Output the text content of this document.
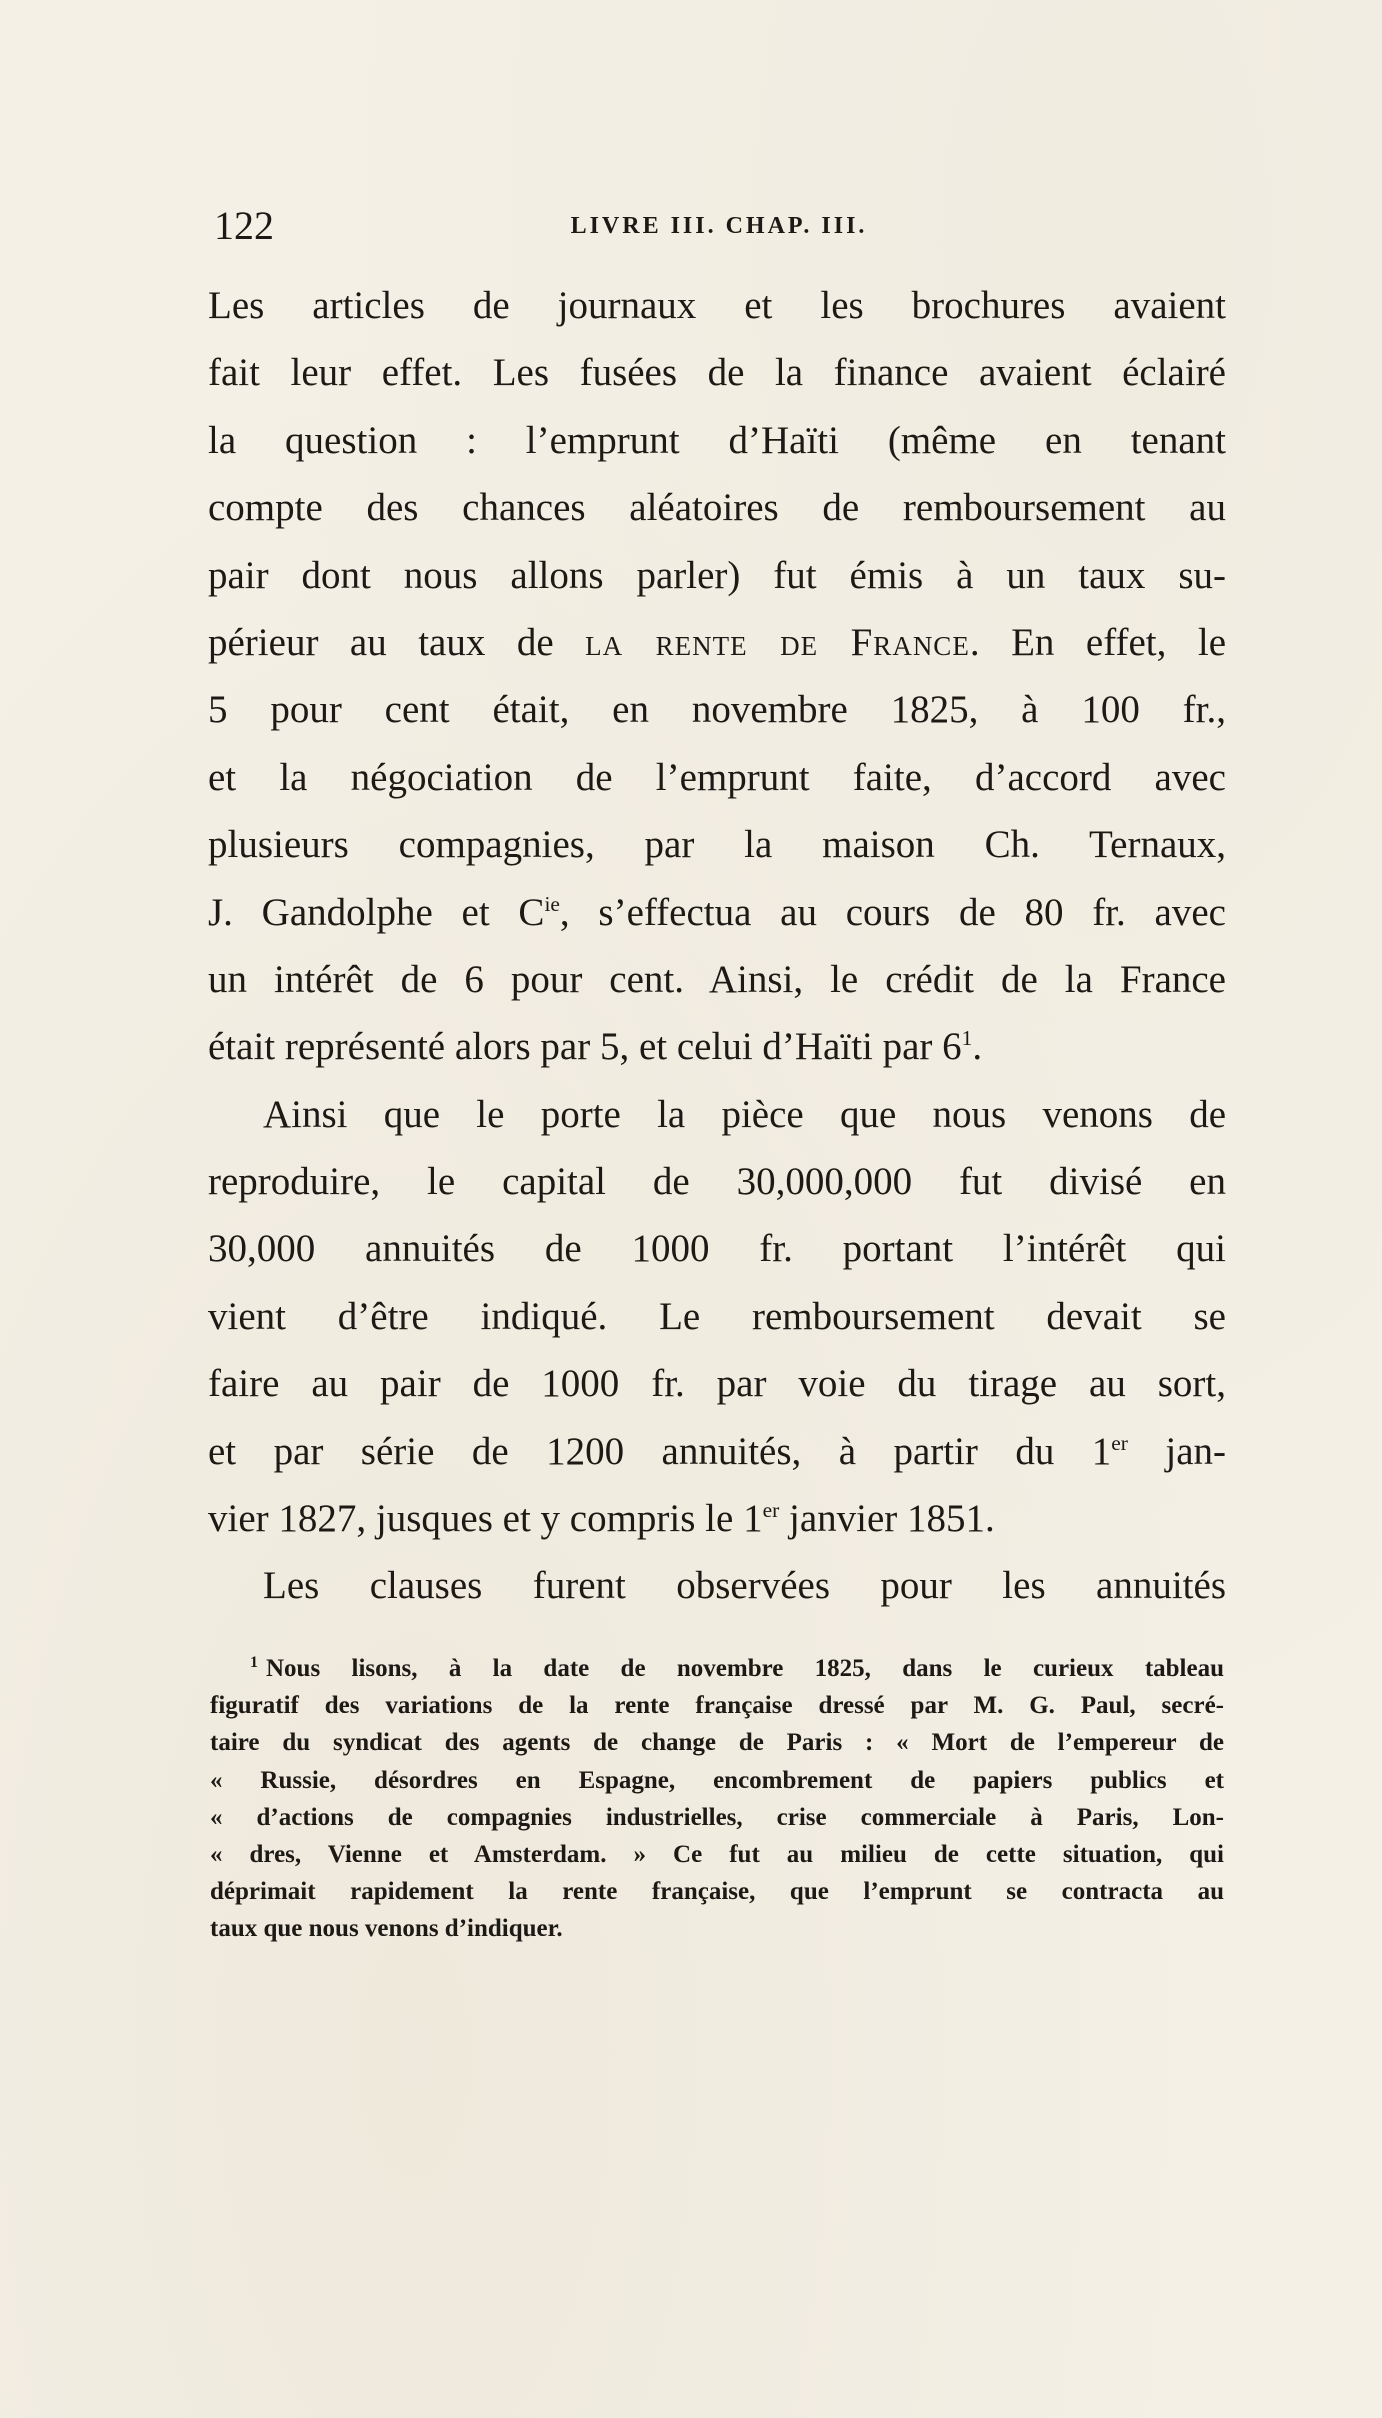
122	LIVRE III. CHAP. III.
Les articles de journaux et les brochures avaient
fait leur effet. Les fusées de la finance avaient éclairé
la question : l’emprunt d’Haïti (même en tenant
compte des chances aléatoires de remboursement au
pair dont nous allons parler) fut émis à un taux su-
périeur au taux de la rente de France. En effet, le
5 pour cent était, en novembre 1825, à 100 fr.,
et la négociation de l’emprunt faite, d’accord avec
plusieurs compagnies, par la maison Ch. Ternaux,
J. Gandolphe et $C^{ie}$, s’effectua au cours de 80 fr. avec
un intérêt de 6 pour cent. Ainsi, le crédit de la France
était représenté alors par 5, et celui d’Haïti par $6^1$.
Ainsi que le porte la pièce que nous venons de
reproduire, le capital de 30,000,000 fut divisé en
30,000 annuités de 1000 fr. portant l’intérêt qui
vient d’être indiqué. Le remboursement devait se
faire au pair de 1000 fr. par voie du tirage au sort,
et par série de 1200 annuités, à partir du 1er jan-
vier 1827, jusques et y compris le 1er janvier 1851.
Les clauses furent observées pour les annuités
$^1$ Nous lisons, à la date de novembre 1825, dans le curieux tableau
figuratif des variations de la rente française dressé par M. G. Paul, secré-
taire du syndicat des agents de change de Paris : « Mort de l’empereur de
« Russie, désordres en Espagne, encombrement de papiers publics et
« d’actions de compagnies industrielles, crise commerciale à Paris, Lon-
« dres, Vienne et Amsterdam. » Ce fut au milieu de cette situation, qui
déprimait rapidement la rente française, que l’emprunt se contracta au
taux que nous venons d’indiquer.
